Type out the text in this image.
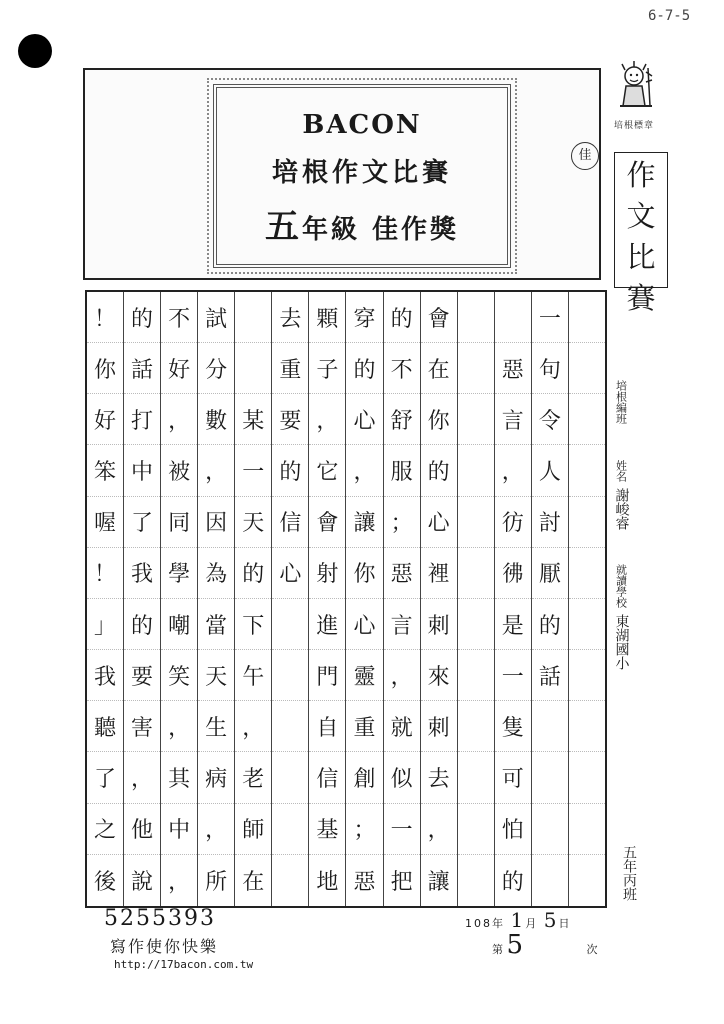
6-7-5
BACON
培根作文比賽
五年級 佳作獎
培根標章
佳
作
文
比
賽
培根編班
姓名
謝峻睿
就讀學校
東湖國小
五年丙班
一
句
令
人
討
厭
的
話
惡
言
，
彷
彿
是
一
隻
可
怕
的
會
在
你
的
心
裡
刺
來
刺
去
，
讓
的
不
舒
服
；
惡
言
，
就
似
一
把
穿
的
心
，
讓
你
心
靈
重
創
；
惡
顆
子
，
它
會
射
進
門
自
信
基
地
去
重
要
的
信
心
某
一
天
的
下
午
，
老
師
在
試
分
數
，
因
為
當
天
生
病
，
所
不
好
，
被
同
學
嘲
笑
，
其
中
，
的
話
打
中
了
我
的
要
害
，
他
說
！
你
好
笨
喔
！
」
我
聽
了
之
後
108年 1月 5日
第 5	次
5255393
寫作使你快樂
http://17bacon.com.tw
